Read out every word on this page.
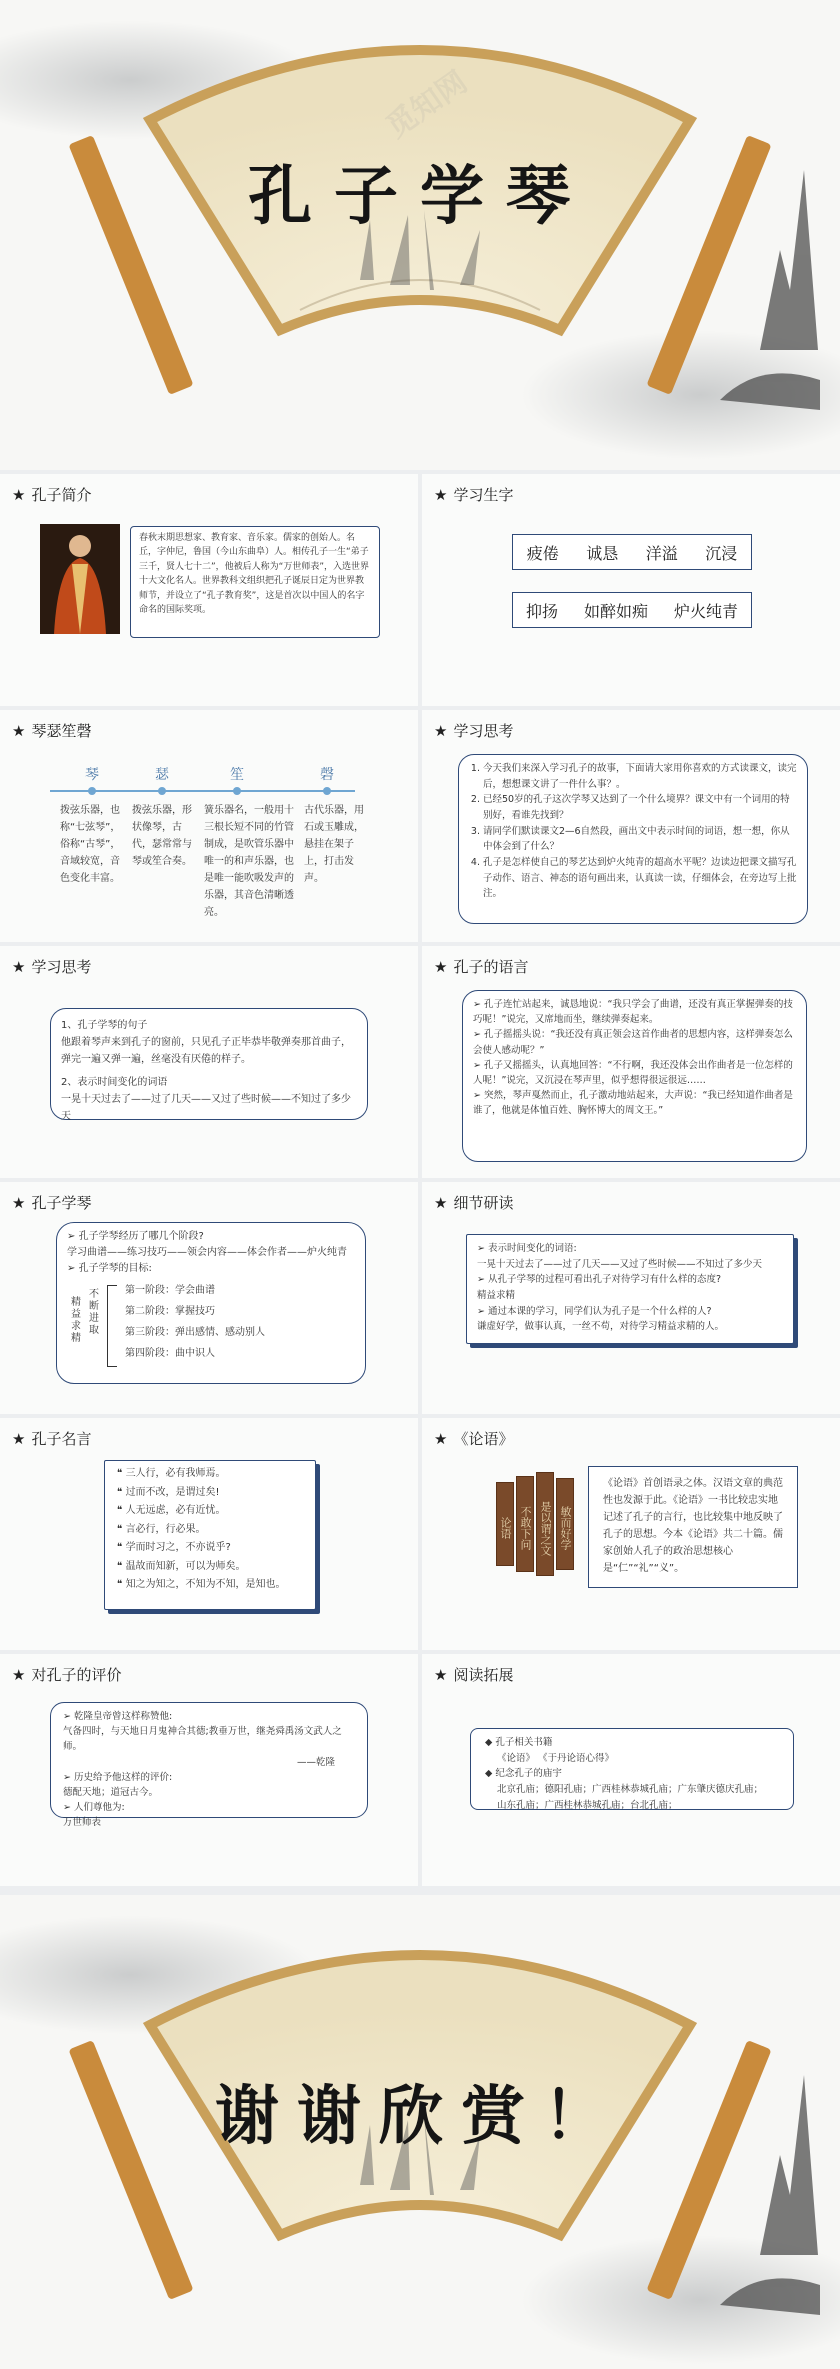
孔子学琴
觅知网
★ 孔子简介
春秋末期思想家、教育家、音乐家。儒家的创始人。名丘，字仲尼，鲁国（今山东曲阜）人。相传孔子一生“弟子三千，贤人七十二”，他被后人称为“万世师表”，入选世界十大文化名人。世界教科文组织把孔子诞辰日定为世界教师节，并设立了“孔子教育奖”，这是首次以中国人的名字命名的国际奖项。
★ 学习生字
疲倦 诚恳 洋溢 沉浸
抑扬 如醉如痴 炉火纯青
★ 琴瑟笙磬
琴	瑟	笙	磬
拨弦乐器，也称“七弦琴”，俗称“古琴”，音域较宽，音色变化丰富。
拨弦乐器，形状像琴，古代，瑟常常与琴或笙合奏。
簧乐器名，一般用十三根长短不同的竹管制成，是吹管乐器中唯一的和声乐器，也是唯一能吹吸发声的乐器，其音色清晰透亮。
古代乐器，用石或玉雕成，悬挂在架子上，打击发声。
★ 学习思考
1. 今天我们来深入学习孔子的故事，下面请大家用你喜欢的方式读课文，读完后，想想课文讲了一件什么事？。
2. 已经50岁的孔子这次学琴又达到了一个什么境界？课文中有一个词用的特别好，看谁先找到？
3. 请同学们默读课文2—6自然段，画出文中表示时间的词语，想一想，你从中体会到了什么？
4. 孔子是怎样使自己的琴艺达到炉火纯青的超高水平呢？边读边把课文描写孔子动作、语言、神态的语句画出来，认真读一读，仔细体会，在旁边写上批注。
★ 学习思考
1、孔子学琴的句子
他跟着琴声来到孔子的窗前，只见孔子正毕恭毕敬弹奏那首曲子，弹完一遍又弹一遍，丝毫没有厌倦的样子。
2、表示时间变化的词语
一晃十天过去了——过了几天——又过了些时候——不知过了多少天
★ 孔子的语言
➢ 孔子连忙站起来，诚恳地说：“我只学会了曲谱，还没有真正掌握弹奏的技巧呢！”说完，又席地而坐，继续弹奏起来。
➢ 孔子摇摇头说：“我还没有真正领会这首作曲者的思想内容，这样弹奏怎么会使人感动呢？”
➢ 孔子又摇摇头，认真地回答：“不行啊，我还没体会出作曲者是一位怎样的人呢！”说完，又沉浸在琴声里，似乎想得很远很远……
➢ 突然，琴声戛然而止，孔子激动地站起来，大声说：“我已经知道作曲者是谁了，他就是体恤百姓、胸怀博大的周文王。”
★ 孔子学琴
➢ 孔子学琴经历了哪几个阶段?
学习曲谱——练习技巧——领会内容——体会作者——炉火纯青
➢ 孔子学琴的目标:
精益求精
不断进取
第一阶段：学会曲谱
第二阶段：掌握技巧
第三阶段：弹出感情、感动别人
第四阶段：曲中识人
★ 细节研读
➢ 表示时间变化的词语:
一晃十天过去了——过了几天——又过了些时候——不知过了多少天
➢ 从孔子学琴的过程可看出孔子对待学习有什么样的态度?
精益求精
➢ 通过本课的学习，同学们认为孔子是一个什么样的人?
谦虚好学，做事认真，一丝不苟，对待学习精益求精的人。
★ 孔子名言
❝ 三人行，必有我师焉。
❝ 过而不改，是谓过矣!
❝ 人无远虑，必有近忧。
❝ 言必行，行必果。
❝ 学而时习之，不亦说乎?
❝ 温故而知新，可以为师矣。
❝ 知之为知之，不知为不知，是知也。
★ 《论语》
论语 不敢下问 是以谓之文 敏而好学
《论语》首创语录之体。汉语文章的典范性也发源于此。《论语》一书比较忠实地记述了孔子的言行，也比较集中地反映了孔子的思想。今本《论语》共二十篇。儒家创始人孔子的政治思想核心是“仁”“礼”“义”。
★ 对孔子的评价
➢ 乾隆皇帝曾这样称赞他:
气备四时，与天地日月鬼神合其德;教垂万世，继尧舜禹汤文武人之师。
——乾隆
➢ 历史给予他这样的评价:
德配天地；道冠古今。
➢ 人们尊他为:
万世师表
★ 阅读拓展
◆ 孔子相关书籍
《论语》 《于丹论语心得》
◆ 纪念孔子的庙宇
北京孔庙；德阳孔庙；广西桂林恭城孔庙；广东肇庆德庆孔庙；
山东孔庙；广西桂林恭城孔庙；台北孔庙；
谢谢欣赏！
